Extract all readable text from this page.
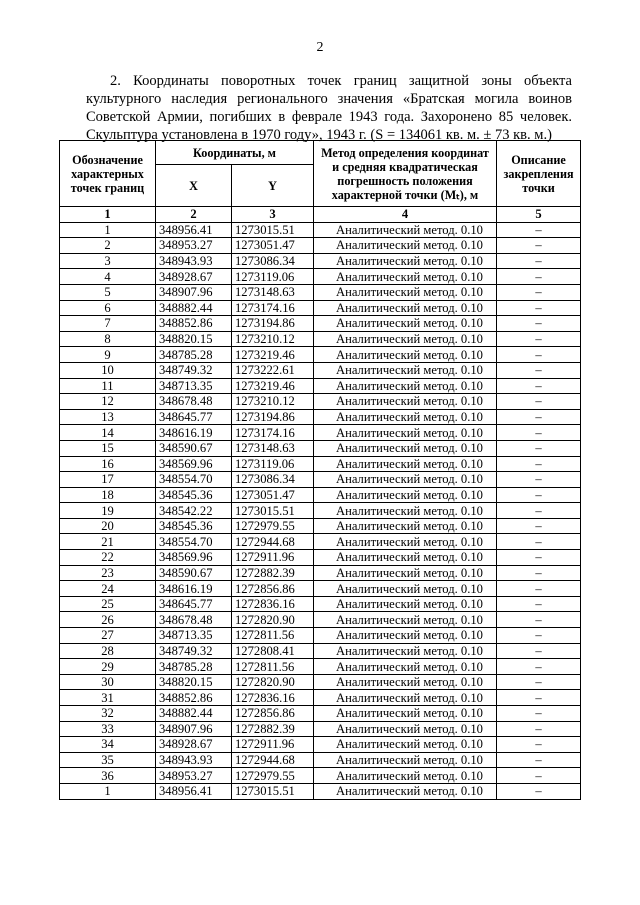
2
2. Координаты поворотных точек границ защитной зоны объекта культурного наследия регионального значения «Братская могила воинов Советской Армии, погибших в феврале 1943 года. Захоронено 85 человек. Скульптура установлена в 1970 году», 1943 г. (S = 134061 кв. м. ± 73 кв. м.)
Обозначение характерных точек границ	Координаты, м		Метод определения координат и средняя квадратическая погрешность положения характерной точки (Mₜ), м	Описание закрепления точки
	X	Y		
1	2	3	4	5
1	348956.41	1273015.51	Аналитический метод. 0.10	–
2	348953.27	1273051.47	Аналитический метод. 0.10	–
3	348943.93	1273086.34	Аналитический метод. 0.10	–
4	348928.67	1273119.06	Аналитический метод. 0.10	–
5	348907.96	1273148.63	Аналитический метод. 0.10	–
6	348882.44	1273174.16	Аналитический метод. 0.10	–
7	348852.86	1273194.86	Аналитический метод. 0.10	–
8	348820.15	1273210.12	Аналитический метод. 0.10	–
9	348785.28	1273219.46	Аналитический метод. 0.10	–
10	348749.32	1273222.61	Аналитический метод. 0.10	–
11	348713.35	1273219.46	Аналитический метод. 0.10	–
12	348678.48	1273210.12	Аналитический метод. 0.10	–
13	348645.77	1273194.86	Аналитический метод. 0.10	–
14	348616.19	1273174.16	Аналитический метод. 0.10	–
15	348590.67	1273148.63	Аналитический метод. 0.10	–
16	348569.96	1273119.06	Аналитический метод. 0.10	–
17	348554.70	1273086.34	Аналитический метод. 0.10	–
18	348545.36	1273051.47	Аналитический метод. 0.10	–
19	348542.22	1273015.51	Аналитический метод. 0.10	–
20	348545.36	1272979.55	Аналитический метод. 0.10	–
21	348554.70	1272944.68	Аналитический метод. 0.10	–
22	348569.96	1272911.96	Аналитический метод. 0.10	–
23	348590.67	1272882.39	Аналитический метод. 0.10	–
24	348616.19	1272856.86	Аналитический метод. 0.10	–
25	348645.77	1272836.16	Аналитический метод. 0.10	–
26	348678.48	1272820.90	Аналитический метод. 0.10	–
27	348713.35	1272811.56	Аналитический метод. 0.10	–
28	348749.32	1272808.41	Аналитический метод. 0.10	–
29	348785.28	1272811.56	Аналитический метод. 0.10	–
30	348820.15	1272820.90	Аналитический метод. 0.10	–
31	348852.86	1272836.16	Аналитический метод. 0.10	–
32	348882.44	1272856.86	Аналитический метод. 0.10	–
33	348907.96	1272882.39	Аналитический метод. 0.10	–
34	348928.67	1272911.96	Аналитический метод. 0.10	–
35	348943.93	1272944.68	Аналитический метод. 0.10	–
36	348953.27	1272979.55	Аналитический метод. 0.10	–
1	348956.41	1273015.51	Аналитический метод. 0.10	–
